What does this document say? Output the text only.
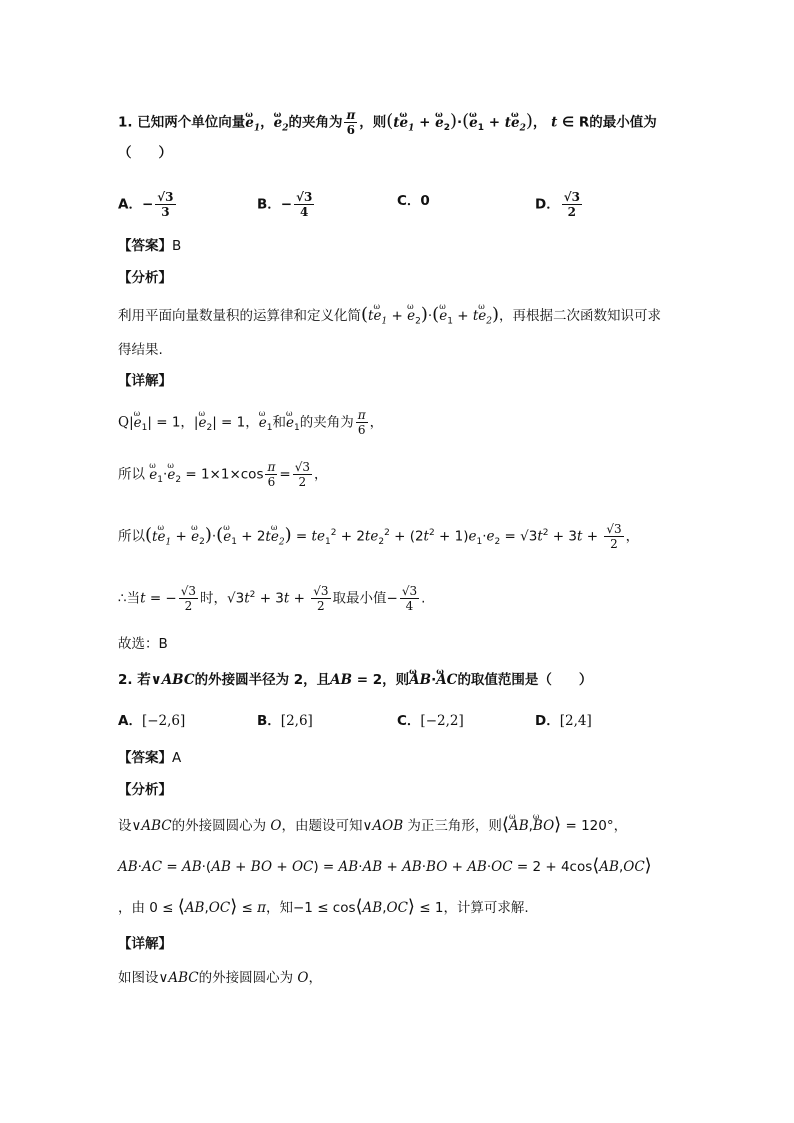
1. 已知两个单位向量ω $e_1$，ω $e_2$的夹角为 $\frac{\pi}{6}$ ，则(tω $e_1 + \omega$ $e_2)\cdot(\omega$ $e_1 + t\omega$ $e_2$)， t ∈ R的最小值为
（　　）
A．− $\frac{√3}{3}$	B．− $\frac{√3}{4}$	C．0	D． $\frac{√3}{2}$
【答案】B
【分析】
利用平面向量数量积的运算律和定义化简(tω $e_1 + \omega$ $e_2)\cdot(\omega$ $e_1 + t\omega$ $e_2$)，再根据二次函数知识可求
得结果.
【详解】
Q|ω $e_1| = 1$，|ω $e_2| = 1$，ω $e_1$和ω $e_1$的夹角为 $\frac{\pi}{6}$ ，
所以 ω $e_1\cdot\omega$ $e_2 = 1\times 1\times\cos \frac{\pi}{6} = \frac{√3}{2}$ ，
所以(tω $e_1 + \omega$ $e_2)\cdot(\omega$ $e_1 + 2t\omega$ $e_2) = te_1^2 + 2te_2^2 + (2t^2 + 1)e_1\cdot e_2 = √3t^2 + 3t + \frac{√3}{2}$ ，
∴当t = − $\frac{√3}{2}$ 时，$√3t^2 + 3t + \frac{√3}{2}$ 取最小值− $\frac{√3}{4}$ .
故选：B
2. 若∨ABC的外接圆半径为 2，且AB = 2，则ω AB·ω AC的取值范围是（　　）
A．[−2,6]	B．[2,6]	C．[−2,2]	D．[2,4]
【答案】A
【分析】
设∨ABC的外接圆圆心为 O，由题设可知∨AOB 为正三角形，则⟨ω AB,ω BO⟩ = 120°，
AB·AC = AB·(AB + BO + OC) = AB·AB + AB·BO + AB·OC = 2 + 4cos⟨AB,OC⟩
，由 0 ≤ ⟨AB,OC⟩ ≤ π，知−1 ≤ cos⟨AB,OC⟩ ≤ 1，计算可求解.
【详解】
如图设∨ABC的外接圆圆心为 O，
